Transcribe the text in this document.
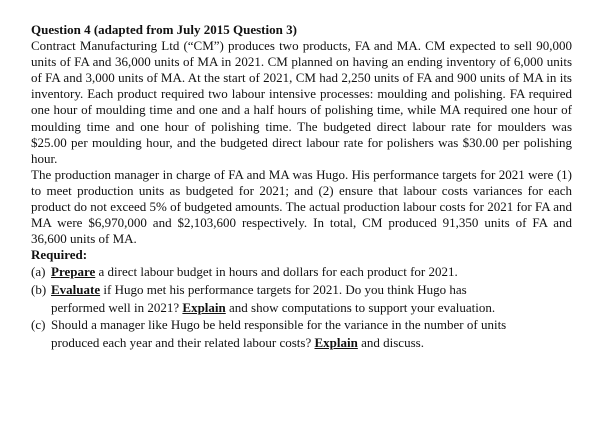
Question 4 (adapted from July 2015 Question 3)

Contract Manufacturing Ltd (“CM”) produces two products, FA and MA. CM expected to sell 90,000 units of FA and 36,000 units of MA in 2021. CM planned on having an ending inventory of 6,000 units of FA and 3,000 units of MA. At the start of 2021, CM had 2,250 units of FA and 900 units of MA in its inventory. Each product required two labour intensive processes: moulding and polishing. FA required one hour of moulding time and one and a half hours of polishing time, while MA required one hour of moulding time and one hour of polishing time. The budgeted direct labour rate for moulders was $25.00 per moulding hour, and the budgeted direct labour rate for polishers was $30.00 per polishing hour.

The production manager in charge of FA and MA was Hugo. His performance targets for 2021 were (1) to meet production units as budgeted for 2021; and (2) ensure that labour costs variances for each product do not exceed 5% of budgeted amounts. The actual production labour costs for 2021 for FA and MA were $6,970,000 and $2,103,600 respectively. In total, CM produced 91,350 units of FA and 36,600 units of MA.

Required:

(a) Prepare a direct labour budget in hours and dollars for each product for 2021.
(b) Evaluate if Hugo met his performance targets for 2021. Do you think Hugo has performed well in 2021? Explain and show computations to support your evaluation.
(c) Should a manager like Hugo be held responsible for the variance in the number of units produced each year and their related labour costs? Explain and discuss.
